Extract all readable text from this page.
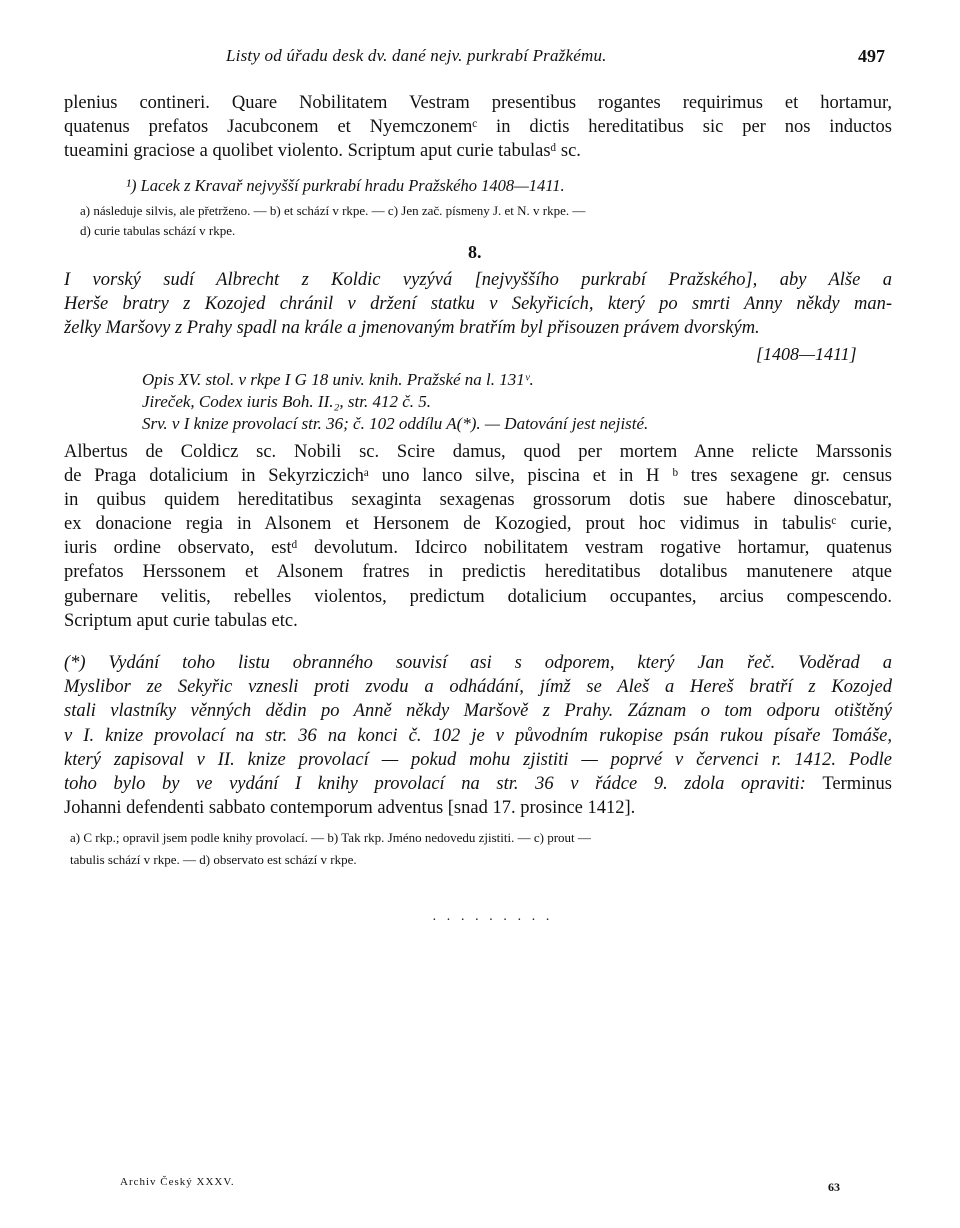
Listy od úřadu desk dv. dané nejv. purkrabí Pražkému.	497
plenius contineri. Quare Nobilitatem Vestram presentibus rogantes requirimus et hortamur,
quatenus prefatos Jacubconem et Nyemczonemᶜ in dictis hereditatibus sic per nos inductos
tueamini graciose a quolibet violento. Scriptum aput curie tabulasᵈ sc.
¹) Lacek z Kravař nejvyšší purkrabí hradu Pražského 1408—1411.
a) následuje silvis, ale přetrženo. — b) et schází v rkpe. — c) Jen zač. písmeny J. et N. v rkpe. —
d) curie tabulas schází v rkpe.
8.
I vorský sudí Albrecht z Koldic vyzývá [nejvyššího purkrabí Pražského], aby Alše a
Herše bratry z Kozojed chránil v držení statku v Sekyřicích, který po smrti Anny někdy man-
želky Maršovy z Prahy spadl na krále a jmenovaným bratřím byl přisouzen právem dvorským.
[1408—1411]
Opis XV. stol. v rkpe I G 18 univ. knih. Pražské na l. 131ᵛ.
Jireček, Codex iuris Boh. II.₂, str. 412 č. 5.
Srv. v I knize provolací str. 36; č. 102 oddílu A(*). — Datování jest nejisté.
Albertus de Coldicz sc. Nobili sc. Scire damus, quod per mortem Anne relicte Marssonis
de Praga dotalicium in Sekyrziczichᵃ uno lanco silve, piscina et in H ᵇ tres sexagene gr. census
in quibus quidem hereditatibus sexaginta sexagenas grossorum dotis sue habere dinoscebatur,
ex donacione regia in Alsonem et Hersonem de Kozogied, prout hoc vidimus in tabulisᶜ curie,
iuris ordine observato, estᵈ devolutum. Idcirco nobilitatem vestram rogative hortamur, quatenus
prefatos Herssonem et Alsonem fratres in predictis hereditatibus dotalibus manutenere atque
gubernare velitis, rebelles violentos, predictum dotalicium occupantes, arcius compescendo.
Scriptum aput curie tabulas etc.
(*) Vydání toho listu obranného souvisí asi s odporem, který Jan řeč. Voděrad a
Myslibor ze Sekyřic vznesli proti zvodu a odhádání, jímž se Aleš a Hereš bratří z Kozojed
stali vlastníky věnných dědin po Anně někdy Maršově z Prahy. Záznam o tom odporu otištěný
v I. knize provolací na str. 36 na konci č. 102 je v původním rukopise psán rukou písaře Tomáše,
který zapisoval v II. knize provolací — pokud mohu zjistiti — poprvé v červenci r. 1412. Podle
toho bylo by ve vydání I knihy provolací na str. 36 v řádce 9. zdola opraviti: Terminus
Johanni defendenti sabbato contemporum adventus [snad 17. prosince 1412].
a) C rkp.; opravil jsem podle knihy provolací. — b) Tak rkp. Jméno nedovedu zjistiti. — c) prout —
tabulis schází v rkpe. — d) observato est schází v rkpe.
· · · · · · · · ·
Archiv Český XXXV.	63
